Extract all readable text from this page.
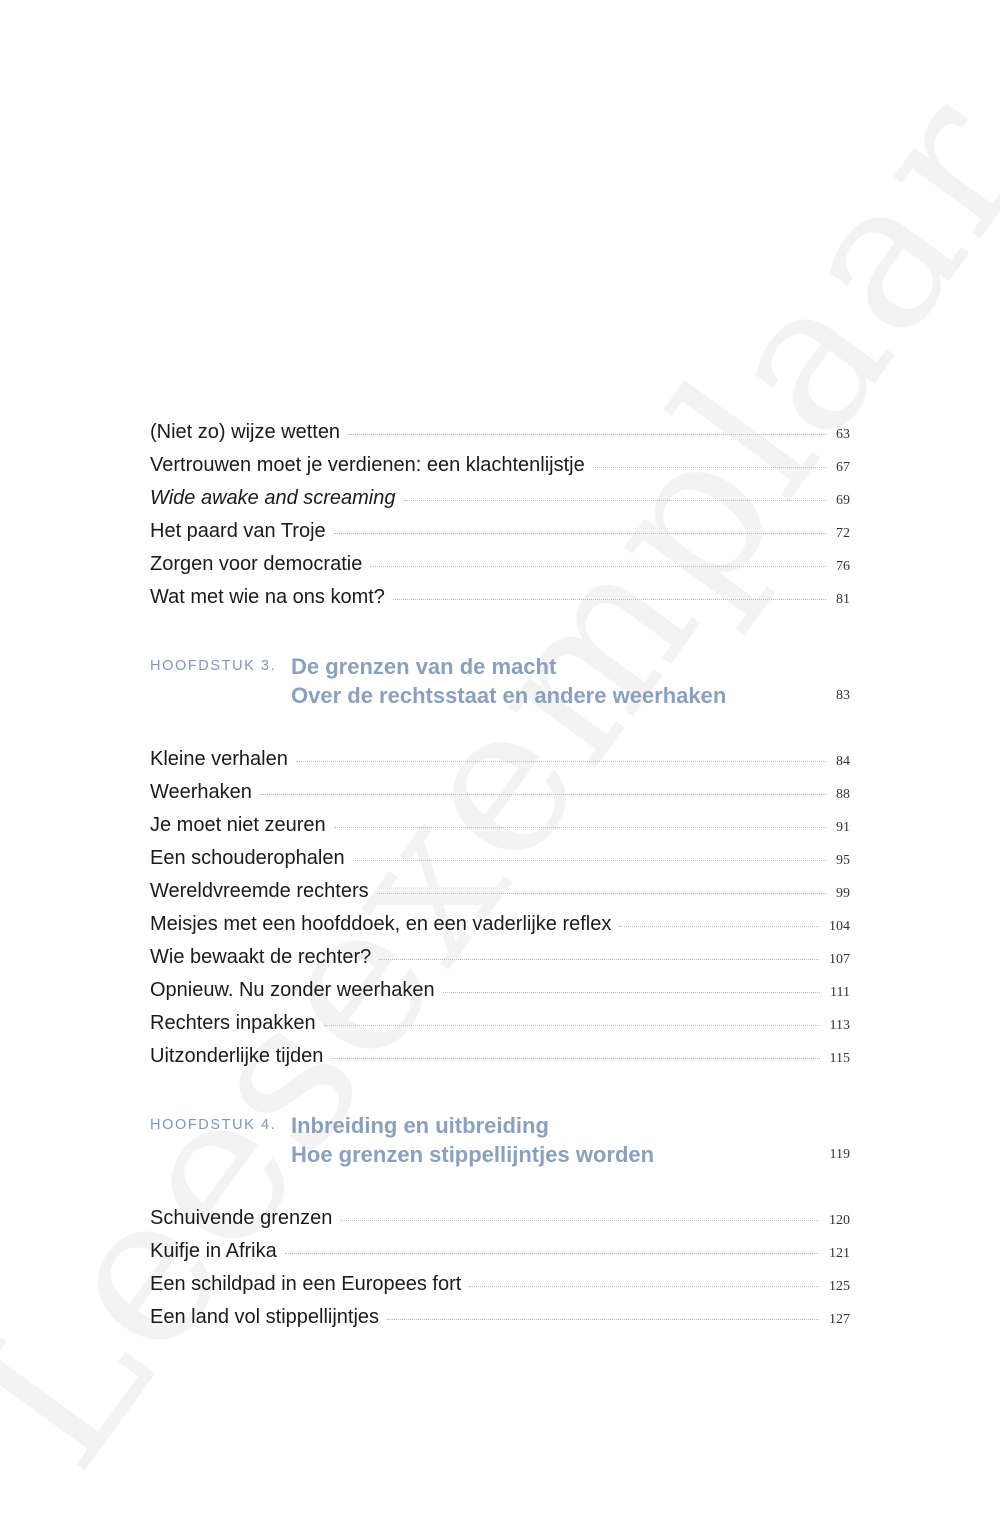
(Niet zo) wijze wetten	63
Vertrouwen moet je verdienen: een klachtenlijstje	67
Wide awake and screaming	69
Het paard van Troje	72
Zorgen voor democratie	76
Wat met wie na ons komt?	81
HOOFDSTUK 3. De grenzen van de macht
Over de rechtsstaat en andere weerhaken	83
Kleine verhalen	84
Weerhaken	88
Je moet niet zeuren	91
Een schouderophalen	95
Wereldvreemde rechters	99
Meisjes met een hoofddoek, en een vaderlijke reflex	104
Wie bewaakt de rechter?	107
Opnieuw. Nu zonder weerhaken	111
Rechters inpakken	113
Uitzonderlijke tijden	115
HOOFDSTUK 4. Inbreiding en uitbreiding
Hoe grenzen stippellijntjes worden	119
Schuivende grenzen	120
Kuifje in Afrika	121
Een schildpad in een Europees fort	125
Een land vol stippellijntjes	127
